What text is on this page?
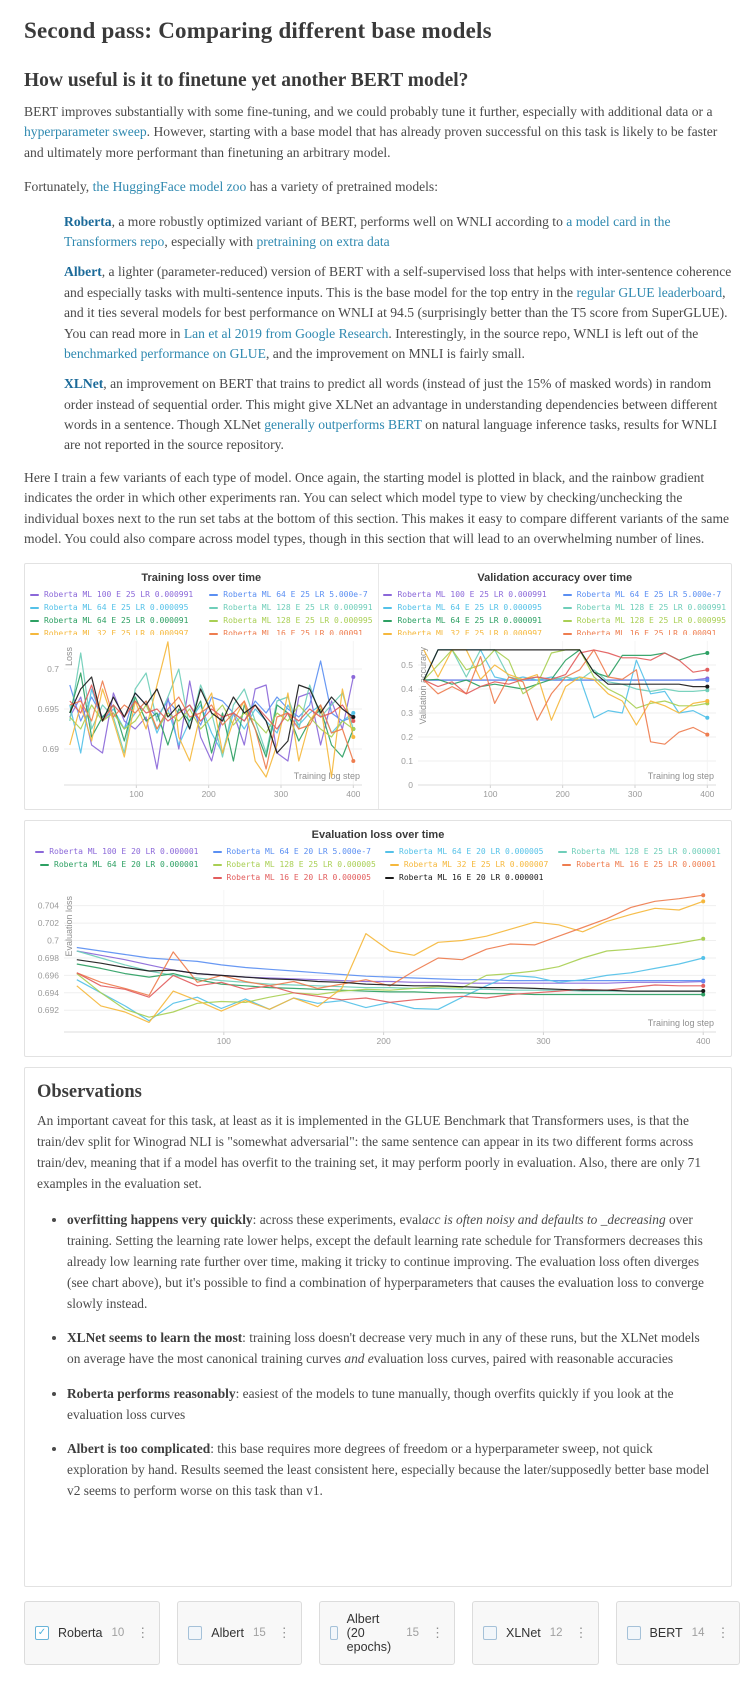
Second pass: Comparing different base models
How useful is it to finetune yet another BERT model?

BERT improves substantially with some fine-tuning, and we could probably tune it further, especially with additional data or a hyperparameter sweep. However, starting with a base model that has already proven successful on this task is likely to be faster and ultimately more performant than finetuning an arbitrary model.

Fortunately, the HuggingFace model zoo has a variety of pretrained models:

Roberta, a more robustly optimized variant of BERT, performs well on WNLI according to a model card in the Transformers repo, especially with pretraining on extra data
Albert, a lighter (parameter-reduced) version of BERT with a self-supervised loss that helps with inter-sentence coherence and especially tasks with multi-sentence inputs. This is the base model for the top entry in the regular GLUE leaderboard, and it ties several models for best performance on WNLI at 94.5 (surprisingly better than the T5 score from SuperGLUE). You can read more in Lan et al 2019 from Google Research. Interestingly, in the source repo, WNLI is left out of the benchmarked performance on GLUE, and the improvement on MNLI is fairly small.
XLNet, an improvement on BERT that trains to predict all words (instead of just the 15% of masked words) in random order instead of sequential order. This might give XLNet an advantage in understanding dependencies between different words in a sentence. Though XLNet generally outperforms BERT on natural language inference tasks, results for WNLI are not reported in the source repository.

Here I train a few variants of each type of model. Once again, the starting model is plotted in black, and the rainbow gradient indicates the order in which other experiments ran. You can select which model type to view by checking/unchecking the individual boxes next to the run set tabs at the bottom of this section. This makes it easy to compare different variants of the same model. You could also compare across model types, though in this section that will lead to an overwhelming number of lines.

Training loss over time
Roberta ML 100 E 25 LR 0.000991	Roberta ML 64 E 25 LR 5.000e-7
Roberta ML 64 E 25 LR 0.000095	Roberta ML 128 E 25 LR 0.000991
Roberta ML 64 E 25 LR 0.000091	Roberta ML 128 E 25 LR 0.000995
Roberta ML 32 E 25 LR 0.000997	Roberta ML 16 E 25 LR 0.00091
0.69
0.695
0.7
100	200	300	400
Loss
Training log step
Validation accuracy over time
Roberta ML 100 E 25 LR 0.000991	Roberta ML 64 E 25 LR 5.000e-7
Roberta ML 64 E 25 LR 0.000095	Roberta ML 128 E 25 LR 0.000991
Roberta ML 64 E 25 LR 0.000091	Roberta ML 128 E 25 LR 0.000995
Roberta ML 32 E 25 LR 0.000997	Roberta ML 16 E 25 LR 0.00091
0
0.1
0.2
0.3
0.4
0.5
100	200	300	400
Validation accuracy
Training log step
Evaluation loss over time
Roberta ML 100 E 20 LR 0.000001	Roberta ML 64 E 20 LR 5.000e-7	Roberta ML 64 E 20 LR 0.000005	Roberta ML 128 E 25 LR 0.000001
Roberta ML 64 E 20 LR 0.000001	Roberta ML 128 E 25 LR 0.000005	Roberta ML 32 E 25 LR 0.000007	Roberta ML 16 E 25 LR 0.00001
Roberta ML 16 E 20 LR 0.000005	Roberta ML 16 E 20 LR 0.000001
0.692
0.694
0.696
0.698
0.7
0.702
0.704
100	200	300	400
Evaluation loss
Training log step
Observations

An important caveat for this task, at least as it is implemented in the GLUE Benchmark that Transformers uses, is that the train/dev split for Winograd NLI is "somewhat adversarial": the same sentence can appear in its two different forms across train/dev, meaning that if a model has overfit to the training set, it may perform poorly in evaluation. Also, there are only 71 examples in the evaluation set.

• overfitting happens very quickly: across these experiments, evalacc is often noisy and defaults to _decreasing over training. Setting the learning rate lower helps, except the default learning rate schedule for Transformers decreases this already low learning rate further over time, making it tricky to continue improving. The evaluation loss often diverges (see chart above), but it's possible to find a combination of hyperparameters that causes the evaluation loss to converge slowly instead.
• XLNet seems to learn the most: training loss doesn't decrease very much in any of these runs, but the XLNet models on average have the most canonical training curves and evaluation loss curves, paired with reasonable accuracies
• Roberta performs reasonably: easiest of the models to tune manually, though overfits quickly if you look at the evaluation loss curves
• Albert is too complicated: this base requires more degrees of freedom or a hyperparameter sweep, not quick exploration by hand. Results seemed the least consistent here, especially because the later/supposedly better base model v2 seems to perform worse on this task than v1.
✓ Roberta 10 ⋮	Albert 15 ⋮
Albert (20 epochs)
15 ⋮	XLNet 12 ⋮	BERT 14 ⋮
